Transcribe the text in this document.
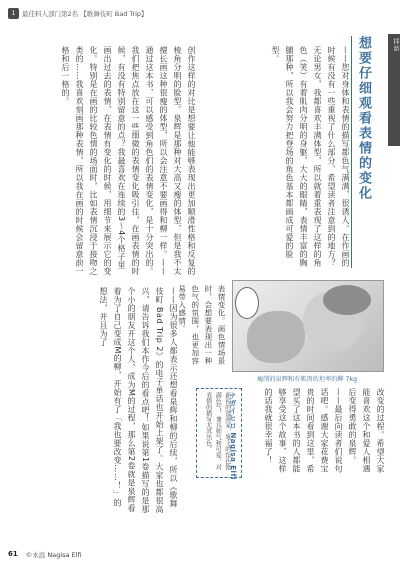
1	最佳料人部门第2名 【歌舞伎町 Bad Trip】
採訪
想要仔细观看表情的变化
——您对身体和表情的描写都色气满满，很诱人。在作画的时候有没有一些重视了什么部分，希望读者注意到的地方？无论男女，我都喜欢丰满体型，所以就着重表现了这样的角色（笑）有着肌肉分明的身躯，大大的眼睛，表情丰富的胸脯那种，所以我会努力把登场的角色基本都画成可爱的脸型。
创作这样的对比是想要让他能够表现出更加顺滑性格和反复的棱角分明的脸型。泉辉是那种对大高又瘦的体型，但是我不太擅长画这种很瘦的体型，所以会注意不要画得和柳一样。——通过这本书，可以感受到角色们的表情变化，是十分突出的。我们把焦点放在这一些细微的表情变化吸引住，在画表情的时候，有没有特别留意的点？我最喜欢在连续的3～4个格子里画出过去的表情，在表情有变化的时候，用细节来展示它的变化。特别是在画的比较色情的场面时，比如表情沉浸于接吻之类的……我喜欢刻画那种表情，所以我在画的时候会留意前一格和后一格的。
瘦削的泉辉和有肌肉的坦率的柳 7kg
表情变化。画色情场景时，会想要表现出一种色气的氛围，也更加容易带入感情。
——因为很多人都表示还想看泉辉和柳的后续，所以《歌舞伎町 Bad Trip 2》的电子单话也开始上架了。大家也都很高兴，请告诉我们本作今后的看点吧！如果说第1卷描写的是那个小的朋友开这个人，成为M的过程，那么第2卷就是泉辉看着为了自己变成M的柳，开始有了「我也要改变……！」的想法，并且为了
改变的过程。希望大家能喜欢这个和爱人相遇后变得勇敢的泉辉。——最后向读者们说句话吧。感谢大家花费宝贵的时间看到这里，希望买了这本书的人都能够享受这个故事，这样的话我就很幸福了！
ナガイヒロ Nagisa Elfi
新锐的漫画家，笔下的角色饱满色气，兼具帅气和可爱，对表情的描写尤其出色。
61 ©永远 Nagisa Elfi
